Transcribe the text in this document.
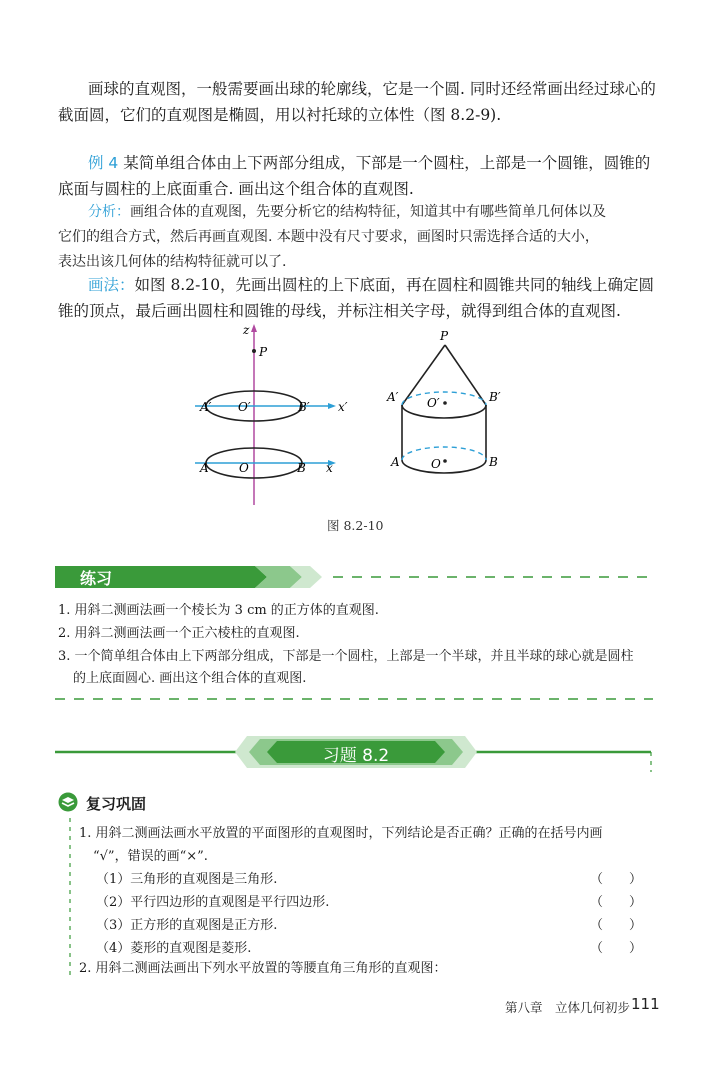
画球的直观图，一般需要画出球的轮廓线，它是一个圆. 同时还经常画出经过球心的

截面圆，它们的直观图是椭圆，用以衬托球的立体性（图 8.2-9).

例 4 某简单组合体由上下两部分组成，下部是一个圆柱，上部是一个圆锥，圆锥的

底面与圆柱的上底面重合. 画出这个组合体的直观图.

分析：画组合体的直观图，先要分析它的结构特征，知道其中有哪些简单几何体以及
它们的组合方式，然后再画直观图. 本题中没有尺寸要求，画图时只需选择合适的大小，
表达出该几何体的结构特征就可以了.

画法：如图 8.2-10，先画出圆柱的上下底面，再在圆柱和圆锥共同的轴线上确定圆

锥的顶点，最后画出圆柱和圆锥的母线，并标注相关字母，就得到组合体的直观图.

z
P
A′ O′	B′ x′
A	O	B x
P
O′
A′	B′
O
A	B
图 8.2-10
练习
1. 用斜二测画法画一个棱长为 3 cm 的正方体的直观图.
2. 用斜二测画法画一个正六棱柱的直观图.
3. 一个简单组合体由上下两部分组成，下部是一个圆柱，上部是一个半球，并且半球的球心就是圆柱
的上底面圆心. 画出这个组合体的直观图.
习题 8.2
复习巩固
1. 用斜二测画法画水平放置的平面图形的直观图时，下列结论是否正确？正确的在括号内画
“√”，错误的画“×”.
（1）三角形的直观图是三角形.	（　　）
（2）平行四边形的直观图是平行四边形.	（　　）
（3）正方形的直观图是正方形.	（　　）
（4）菱形的直观图是菱形.	（　　）
2. 用斜二测画法画出下列水平放置的等腰直角三角形的直观图：
第八章　立体几何初步 111
